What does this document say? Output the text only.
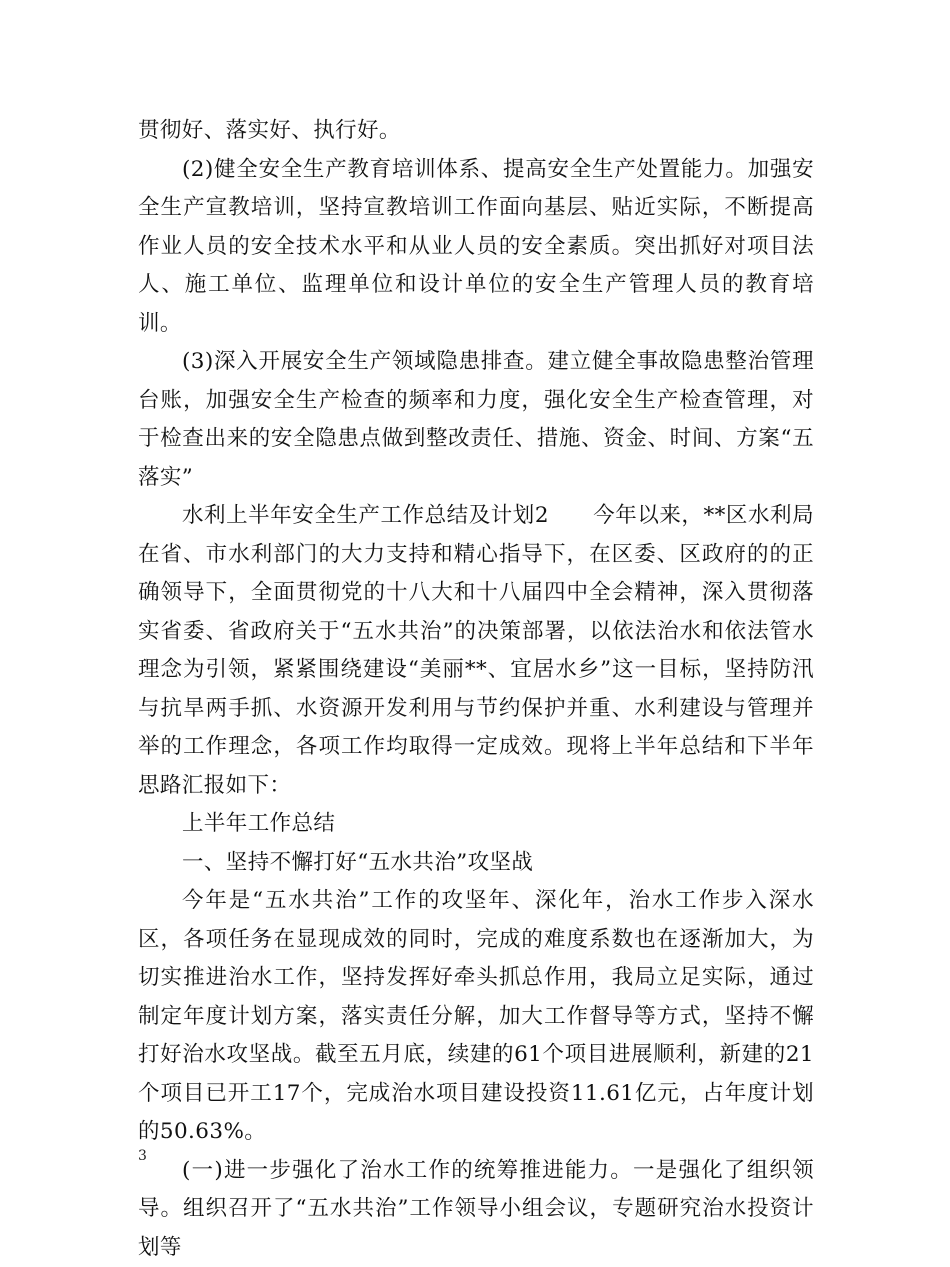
贯彻好、落实好、执行好。

(2)健全安全生产教育培训体系、提高安全生产处置能力。加强安全生产宣教培训，坚持宣教培训工作面向基层、贴近实际，不断提高作业人员的安全技术水平和从业人员的安全素质。突出抓好对项目法人、施工单位、监理单位和设计单位的安全生产管理人员的教育培训。

(3)深入开展安全生产领域隐患排查。建立健全事故隐患整治管理台账，加强安全生产检查的频率和力度，强化安全生产检查管理，对于检查出来的安全隐患点做到整改责任、措施、资金、时间、方案“五落实”

水利上半年安全生产工作总结及计划2　　今年以来，**区水利局在省、市水利部门的大力支持和精心指导下，在区委、区政府的的正确领导下，全面贯彻党的十八大和十八届四中全会精神，深入贯彻落实省委、省政府关于“五水共治”的决策部署，以依法治水和依法管水理念为引领，紧紧围绕建设“美丽**、宜居水乡”这一目标，坚持防汛与抗旱两手抓、水资源开发利用与节约保护并重、水利建设与管理并举的工作理念，各项工作均取得一定成效。现将上半年总结和下半年思路汇报如下：

上半年工作总结

一、坚持不懈打好“五水共治”攻坚战

今年是“五水共治”工作的攻坚年、深化年，治水工作步入深水区，各项任务在显现成效的同时，完成的难度系数也在逐渐加大，为切实推进治水工作，坚持发挥好牵头抓总作用，我局立足实际，通过制定年度计划方案，落实责任分解，加大工作督导等方式，坚持不懈打好治水攻坚战。截至五月底，续建的61个项目进展顺利，新建的21个项目已开工17个，完成治水项目建设投资11.61亿元，占年度计划的50.63%。

(一)进一步强化了治水工作的统筹推进能力。一是强化了组织领导。组织召开了“五水共治”工作领导小组会议，专题研究治水投资计划等

3
